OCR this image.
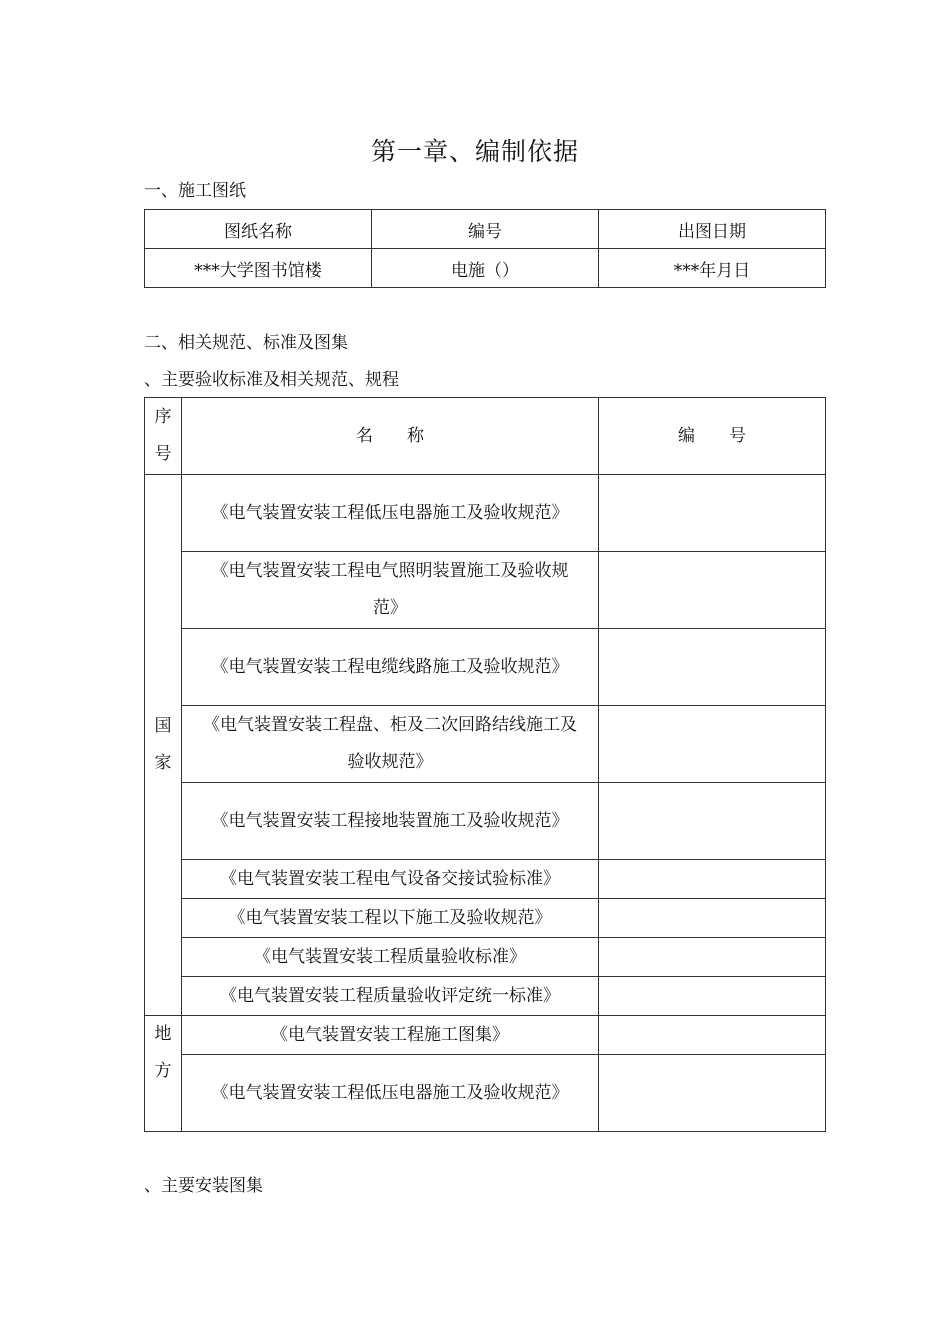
第一章、编制依据
一、施工图纸
图纸名称	编号	出图日期
***大学图书馆楼	电施（）	***年月日
二、相关规范、标准及图集
、主要验收标准及相关规范、规程
序
号	名　　称	编　　号

国
家	《电气装置安装工程低压电器施工及验收规范》	
	《电气装置安装工程电气照明装置施工及验收规范》	
	《电气装置安装工程电缆线路施工及验收规范》	
	《电气装置安装工程盘、柜及二次回路结线施工及验收规范》	
	《电气装置安装工程接地装置施工及验收规范》	
	《电气装置安装工程电气设备交接试验标准》	
	《电气装置安装工程以下施工及验收规范》	
	《电气装置安装工程质量验收标准》	
	《电气装置安装工程质量验收评定统一标准》	

地
方	《电气装置安装工程施工图集》	
	《电气装置安装工程低压电器施工及验收规范》	
、主要安装图集
